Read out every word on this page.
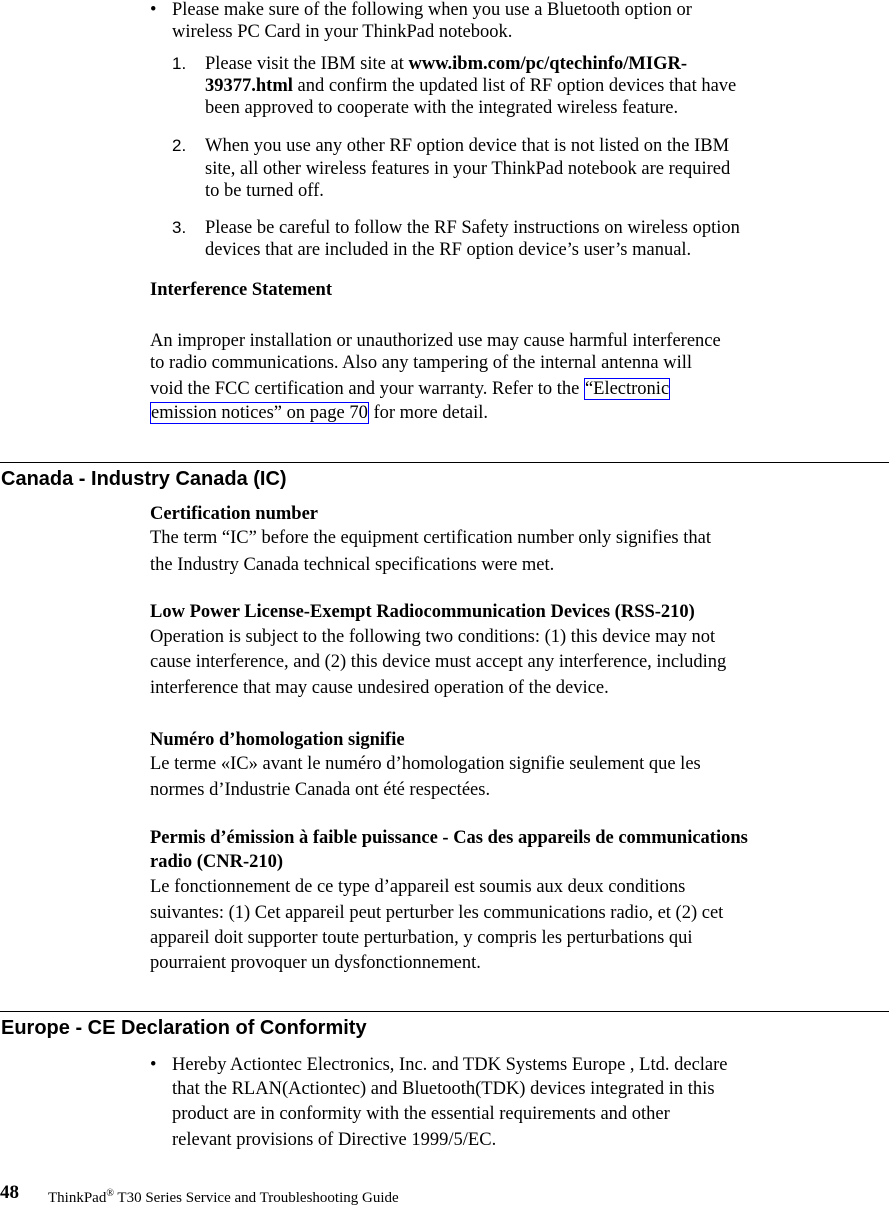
• Please make sure of the following when you use a Bluetooth option or
wireless PC Card in your ThinkPad notebook.
1. Please visit the IBM site at www.ibm.com/pc/qtechinfo/MIGR-
39377.html and confirm the updated list of RF option devices that have
been approved to cooperate with the integrated wireless feature.
2. When you use any other RF option device that is not listed on the IBM
site, all other wireless features in your ThinkPad notebook are required
to be turned off.
3. Please be careful to follow the RF Safety instructions on wireless option
devices that are included in the RF option device’s user’s manual.
Interference Statement
An improper installation or unauthorized use may cause harmful interference
to radio communications. Also any tampering of the internal antenna will
void the FCC certification and your warranty. Refer to the “Electronic
emission notices” on page 70 for more detail.
Canada - Industry Canada (IC)
Certification number
The term “IC” before the equipment certification number only signifies that
the Industry Canada technical specifications were met.
Low Power License-Exempt Radiocommunication Devices (RSS-210)
Operation is subject to the following two conditions: (1) this device may not
cause interference, and (2) this device must accept any interference, including
interference that may cause undesired operation of the device.
Numéro d’homologation signifie
Le terme «IC» avant le numéro d’homologation signifie seulement que les
normes d’Industrie Canada ont été respectées.
Permis d’émission à faible puissance - Cas des appareils de communications
radio (CNR-210)
Le fonctionnement de ce type d’appareil est soumis aux deux conditions
suivantes: (1) Cet appareil peut perturber les communications radio, et (2) cet
appareil doit supporter toute perturbation, y compris les perturbations qui
pourraient provoquer un dysfonctionnement.
Europe - CE Declaration of Conformity
• Hereby Actiontec Electronics, Inc. and TDK Systems Europe , Ltd. declare
that the RLAN(Actiontec) and Bluetooth(TDK) devices integrated in this
product are in conformity with the essential requirements and other
relevant provisions of Directive 1999/5/EC.
48 ThinkPad® T30 Series Service and Troubleshooting Guide
